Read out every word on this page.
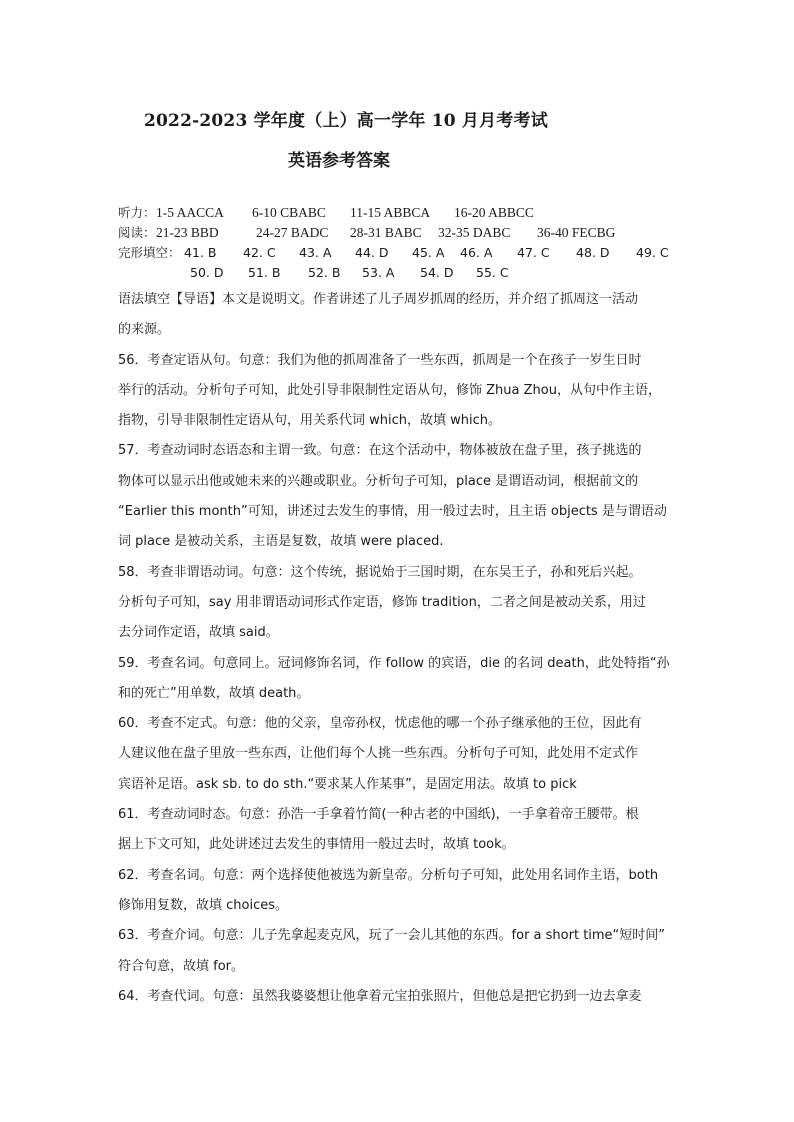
2022-2023 学年度（上）高一学年 10 月月考考试
英语参考答案
听力： 1-5 AACCA 6-10 CBABC 11-15 ABBCA 16-20 ABBCC
阅读： 21-23 BBD	24-27 BADC 28-31 BABC 32-35 DABC 36-40 FECBG
完形填空： 41. B 42. C 43. A 44. D 45. A 46. A 47. C 48. D 49. C
50. D 51. B 52. B 53. A 54. D 55. C
语法填空【导语】本文是说明文。作者讲述了儿子周岁抓周的经历，并介绍了抓周这一活动
的来源。
56．考查定语从句。句意：我们为他的抓周准备了一些东西，抓周是一个在孩子一岁生日时
举行的活动。分析句子可知，此处引导非限制性定语从句，修饰 Zhua Zhou，从句中作主语，
指物，引导非限制性定语从句，用关系代词 which，故填 which。
57．考查动词时态语态和主谓一致。句意：在这个活动中，物体被放在盘子里，孩子挑选的
物体可以显示出他或她未来的兴趣或职业。分析句子可知，place 是谓语动词，根据前文的
“Earlier this month”可知，讲述过去发生的事情，用一般过去时，且主语 objects 是与谓语动
词 place 是被动关系，主语是复数，故填 were placed.
58．考查非谓语动词。句意：这个传统，据说始于三国时期，在东吴王子，孙和死后兴起。
分析句子可知，say 用非谓语动词形式作定语，修饰 tradition，二者之间是被动关系，用过
去分词作定语，故填 said。
59．考查名词。句意同上。冠词修饰名词，作 follow 的宾语，die 的名词 death，此处特指“孙
和的死亡”用单数，故填 death。
60．考查不定式。句意：他的父亲，皇帝孙权，忧虑他的哪一个孙子继承他的王位，因此有
人建议他在盘子里放一些东西，让他们每个人挑一些东西。分析句子可知，此处用不定式作
宾语补足语。ask sb. to do sth.“要求某人作某事”，是固定用法。故填 to pick
61．考查动词时态。句意：孙浩一手拿着竹简(一种古老的中国纸)，一手拿着帝王腰带。根
据上下文可知，此处讲述过去发生的事情用一般过去时，故填 took。
62．考查名词。句意：两个选择使他被选为新皇帝。分析句子可知，此处用名词作主语，both
修饰用复数，故填 choices。
63．考查介词。句意：儿子先拿起麦克风，玩了一会儿其他的东西。for a short time“短时间”
符合句意，故填 for。
64．考查代词。句意：虽然我婆婆想让他拿着元宝拍张照片，但他总是把它扔到一边去拿麦
